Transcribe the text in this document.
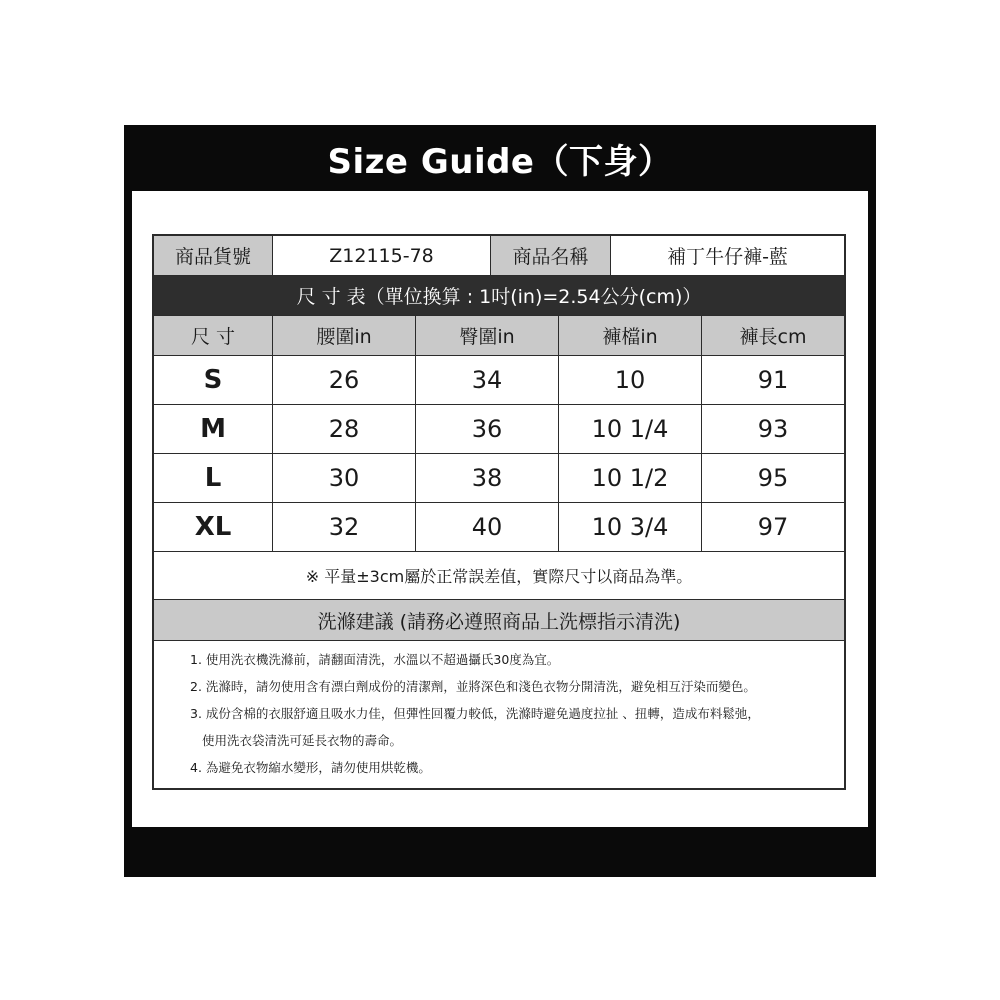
Size Guide（下身）
商品貨號	Z12115-78	商品名稱	補丁牛仔褲-藍
尺 寸 表（單位換算 : 1吋(in)=2.54公分(cm)）
尺 寸	腰圍in	臀圍in	褲檔in	褲長cm
S	26	34	10	91
M	28	36	10 1/4	93
L	30	38	10 1/2	95
XL	32	40	10 3/4	97
※ 平量±3cm屬於正常誤差值，實際尺寸以商品為準。
洗滌建議 (請務必遵照商品上洗標指示清洗)
1. 使用洗衣機洗滌前，請翻面清洗，水溫以不超過攝氏30度為宜。
2. 洗滌時，請勿使用含有漂白劑成份的清潔劑，並將深色和淺色衣物分開清洗，避免相互汙染而變色。
3. 成份含棉的衣服舒適且吸水力佳，但彈性回覆力較低，洗滌時避免過度拉扯 、扭轉，造成布料鬆弛，
使用洗衣袋清洗可延長衣物的壽命。
4. 為避免衣物縮水變形，請勿使用烘乾機。
